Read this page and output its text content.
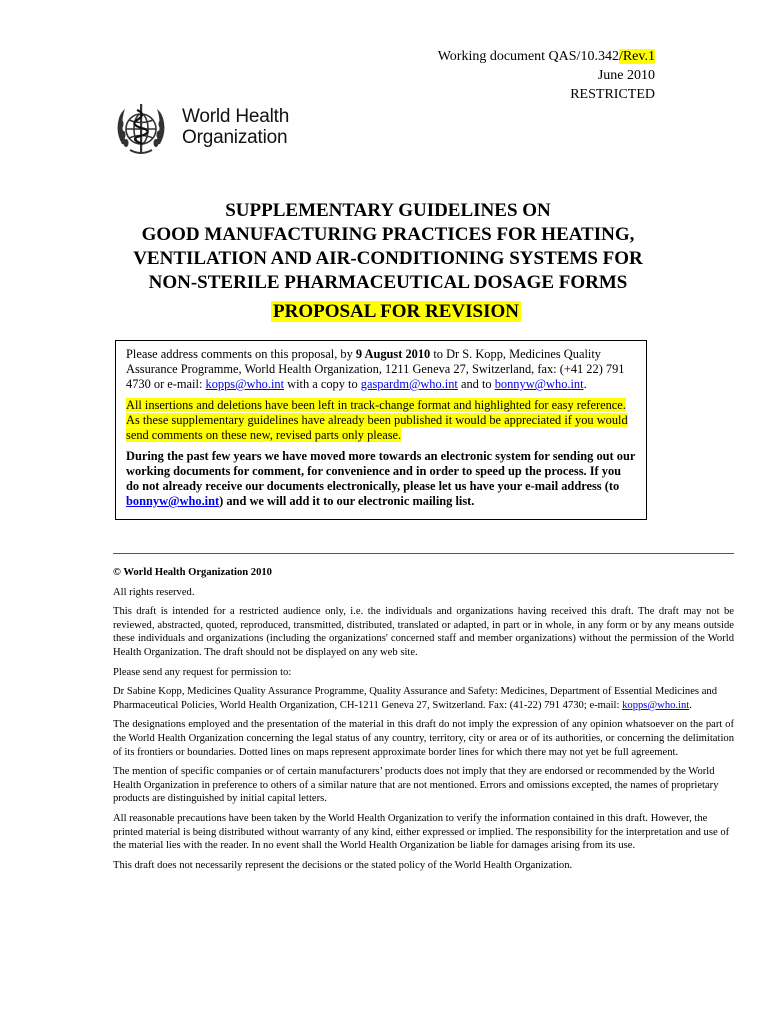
Working document QAS/10.342/Rev.1
June 2010
RESTRICTED
World Health
Organization
SUPPLEMENTARY GUIDELINES ON
GOOD MANUFACTURING PRACTICES FOR HEATING,
VENTILATION AND AIR-CONDITIONING SYSTEMS FOR
NON-STERILE PHARMACEUTICAL DOSAGE FORMS
PROPOSAL FOR REVISION

Please address comments on this proposal, by 9 August 2010 to Dr S. Kopp, Medicines Quality Assurance Programme, World Health Organization, 1211 Geneva 27, Switzerland, fax: (+41 22) 791 4730 or e-mail: kopps@who.int with a copy to gaspardm@who.int and to bonnyw@who.int.

All insertions and deletions have been left in track-change format and highlighted for easy reference. As these supplementary guidelines have already been published it would be appreciated if you would send comments on these new, revised parts only please.

During the past few years we have moved more towards an electronic system for sending out our working documents for comment, for convenience and in order to speed up the process. If you do not already receive our documents electronically, please let us have your e-mail address (to bonnyw@who.int) and we will add it to our electronic mailing list.

© World Health Organization 2010

All rights reserved.

This draft is intended for a restricted audience only, i.e. the individuals and organizations having received this draft. The draft may not be reviewed, abstracted, quoted, reproduced, transmitted, distributed, translated or adapted, in part or in whole, in any form or by any means outside these individuals and organizations (including the organizations' concerned staff and member organizations) without the permission of the World Health Organization. The draft should not be displayed on any web site.

Please send any request for permission to:

Dr Sabine Kopp, Medicines Quality Assurance Programme, Quality Assurance and Safety: Medicines, Department of Essential Medicines and Pharmaceutical Policies, World Health Organization, CH-1211 Geneva 27, Switzerland. Fax: (41-22) 791 4730; e-mail: kopps@who.int.

The designations employed and the presentation of the material in this draft do not imply the expression of any opinion whatsoever on the part of the World Health Organization concerning the legal status of any country, territory, city or area or of its authorities, or concerning the delimitation of its frontiers or boundaries. Dotted lines on maps represent approximate border lines for which there may not yet be full agreement.

The mention of specific companies or of certain manufacturers’ products does not imply that they are endorsed or recommended by the World Health Organization in preference to others of a similar nature that are not mentioned. Errors and omissions excepted, the names of proprietary products are distinguished by initial capital letters.

All reasonable precautions have been taken by the World Health Organization to verify the information contained in this draft. However, the printed material is being distributed without warranty of any kind, either expressed or implied. The responsibility for the interpretation and use of the material lies with the reader. In no event shall the World Health Organization be liable for damages arising from its use.

This draft does not necessarily represent the decisions or the stated policy of the World Health Organization.
